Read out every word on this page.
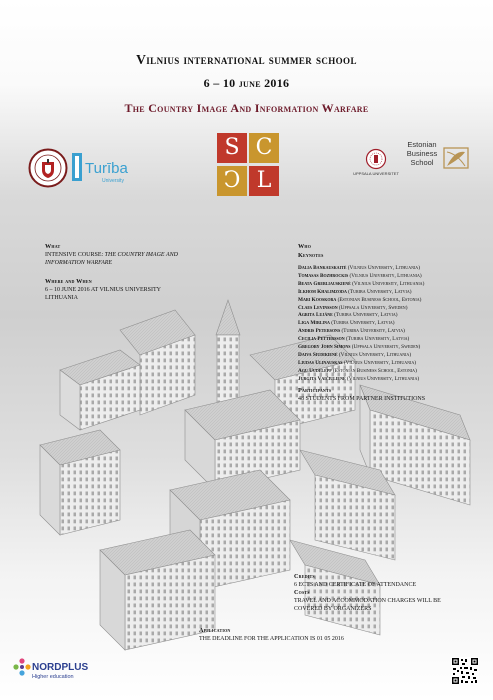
Vilnius international summer school
6 – 10 june 2016
The Country Image And Information Warfare
Turība
University
S C
C L	UPPSALA UNIVERSITET
Estonian
Business
School
What
INTENSIVE COURSE: THE COUNTRY IMAGE AND
INFORMATION WARFARE
Where and When
6 – 10 JUNE 2016 AT VILNIUS UNIVERSITY
LITHUANIA
Who
Keynotes
Dalia Bankauskaitė (Vilnius University, Lithuania)
Tomasas Bozhrockis (Vilnius University, Lithuania)
Beata Grebliauskienė (Vilnius University, Lithuania)
Ilkhom Khalimzoda (Turiba University, Latvia)
Mari Kooskora (Estonian Business School, Estonia)
Claes Levinsson (Uppsala University, Sweden)
Agrita Lujāne (Turiba University, Latvia)
Liga Mirlina (Turiba University, Latvia)
Andris Petersons (Turiba University, Latvia)
Cecilia Pettersson (Turiba University, Latvia)
Gregory John Simons (Uppsala University, Sweden)
Daiva Siudikienė (Vilnius University, Lithuania)
Liudas Ulinauskas (Vilnius University, Lithuania)
Agu Uudelepp (Estonian Business School, Estonia)
Jurgita Vaičiulienė (Vilnius University, Lithuania)
Participants
48 STUDENTS FROM PARTNER INSTITUTIONS
Credits
6 ECTS AND CERTIFICATE OF ATTENDANCE
Costs
TRAVEL AND ACCOMMODATION CHARGES WILL BE
COVERED BY ORGANIZERS
Application
THE DEADLINE FOR THE APPLICATION IS 01 05 2016
NORDPLUS
Higher education
